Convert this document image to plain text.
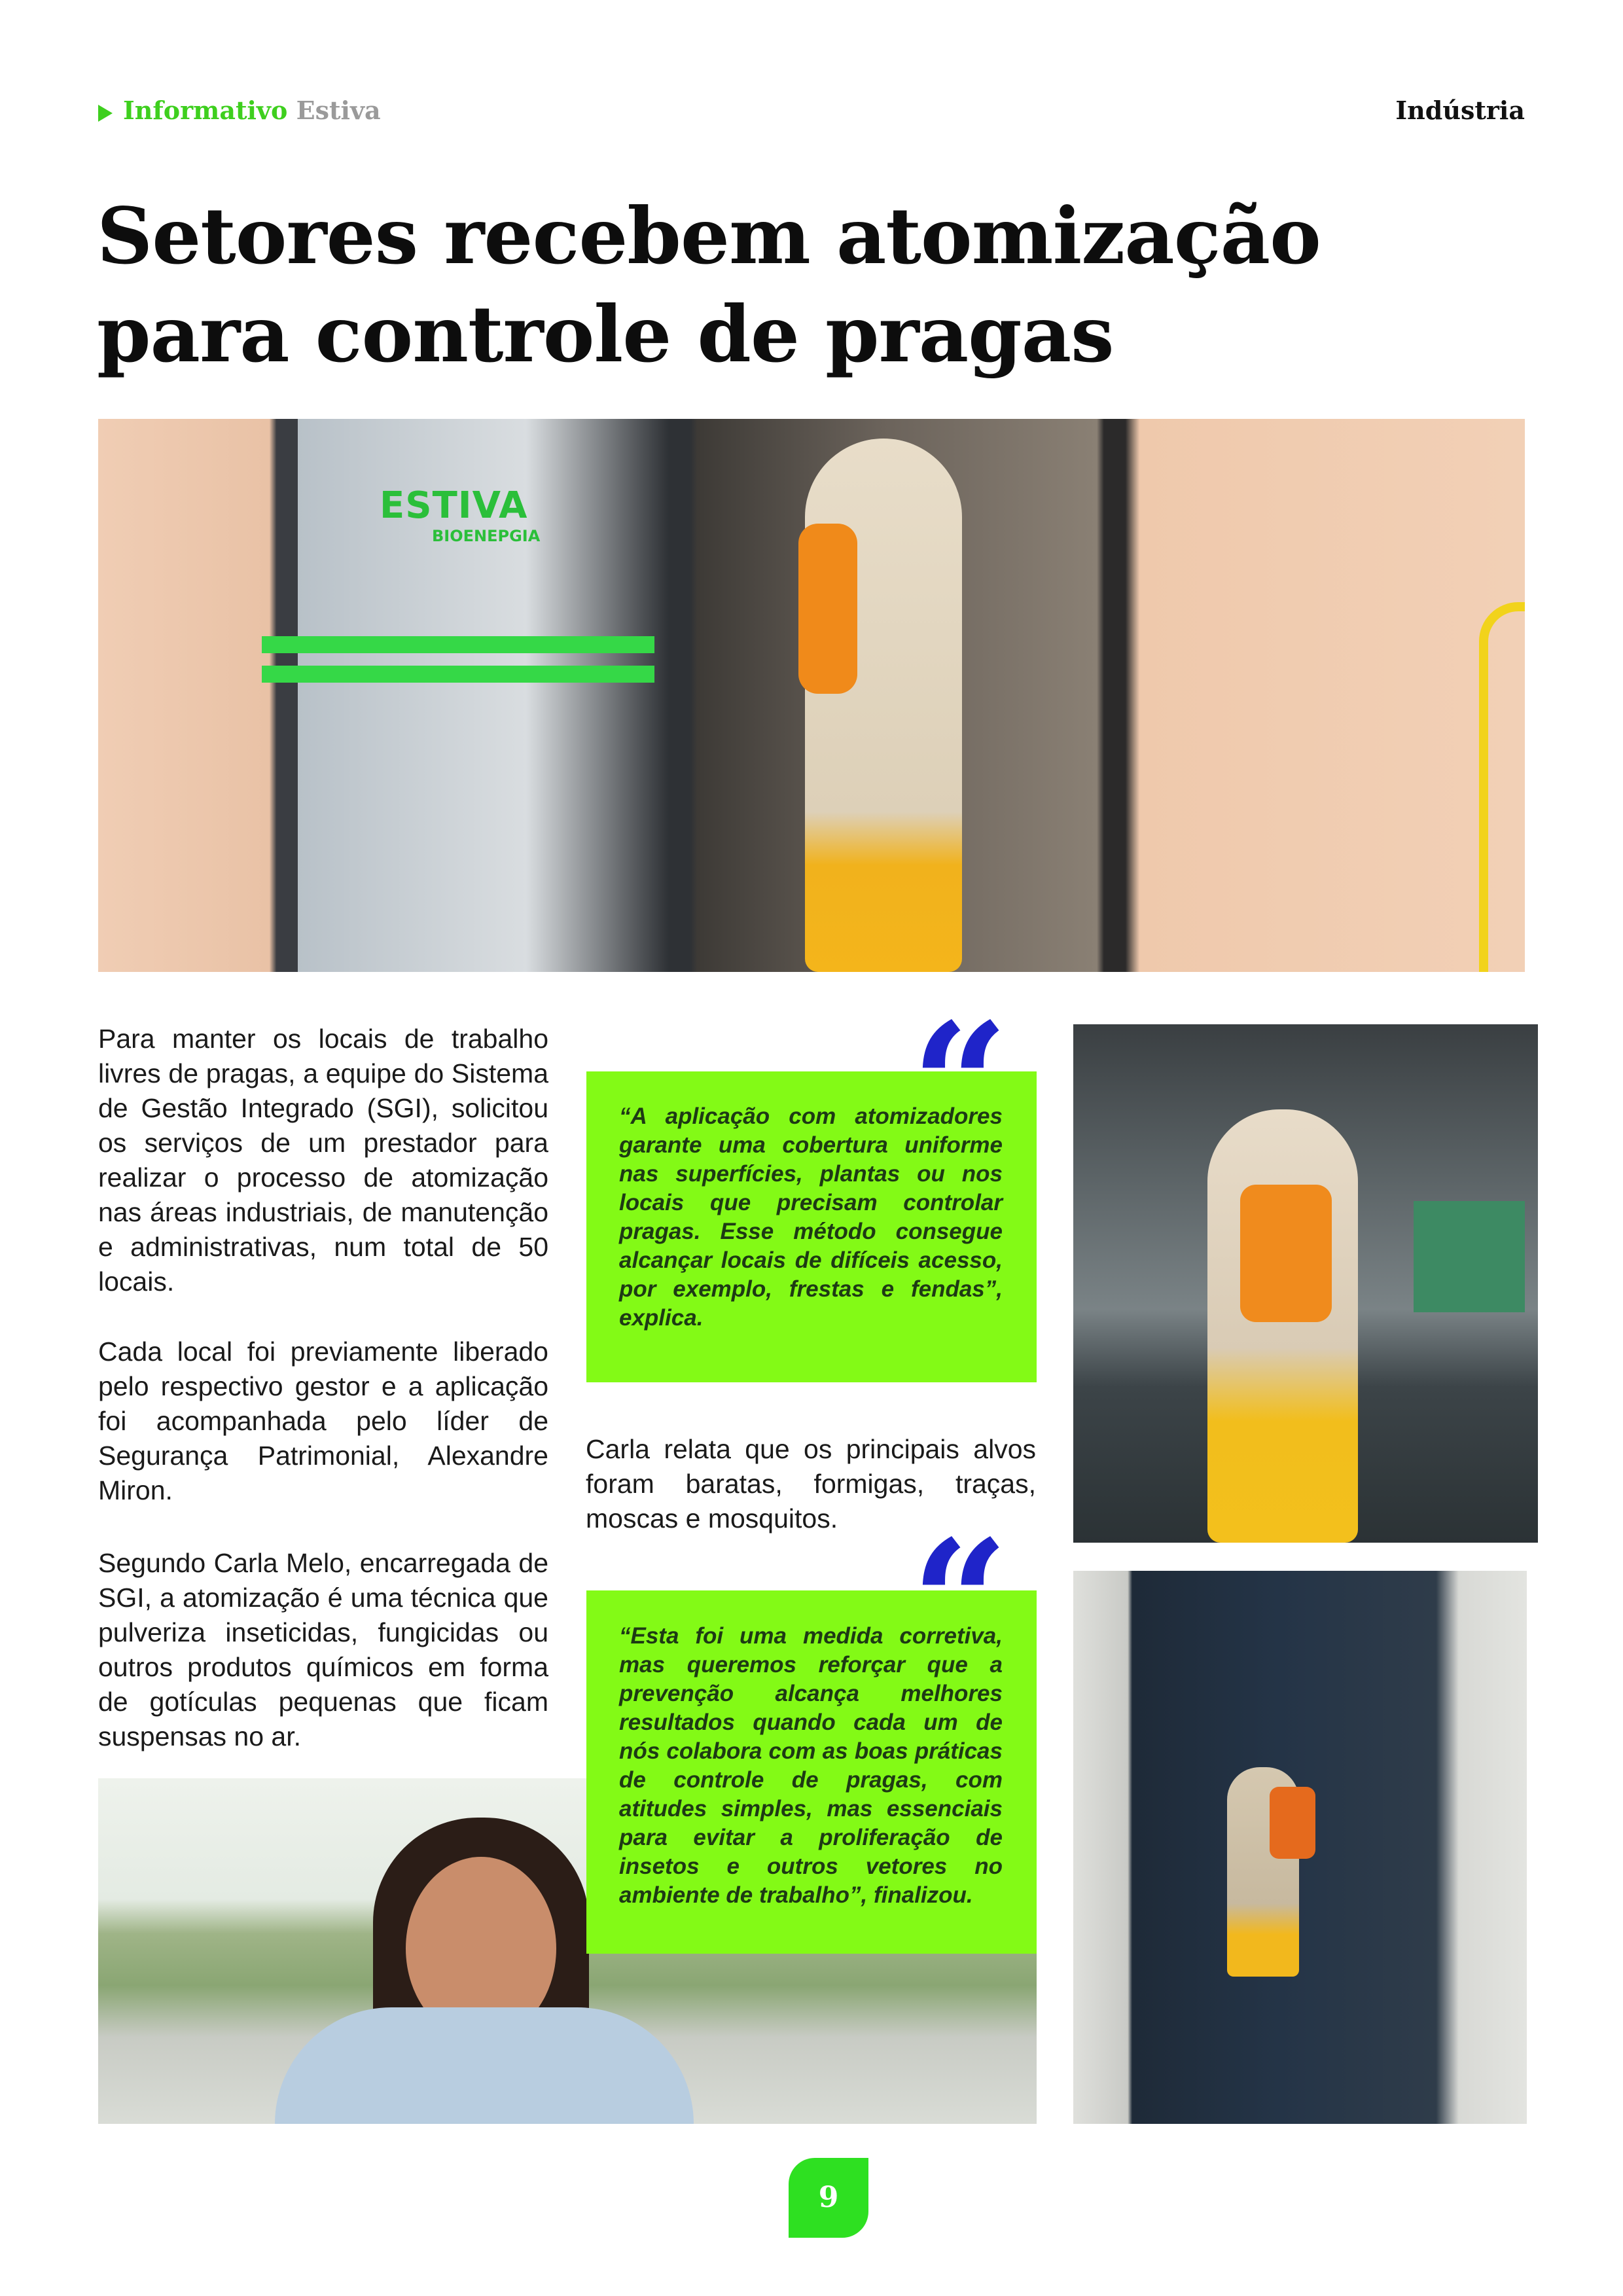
Informativo Estiva	Indústria
Setores recebem atomização para controle de pragas
ESTIVA
BIOENEPGIA

Para manter os locais de trabalho livres de pragas, a equipe do Sistema de Gestão Integrado (SGI), solicitou os serviços de um prestador para realizar o processo de atomização nas áreas industriais, de manutenção e administrativas, num total de 50 locais.

Cada local foi previamente liberado pelo respectivo gestor e a aplicação foi acompanhada pelo líder de Segurança Patrimonial, Alexandre Miron.

Segundo Carla Melo, encarregada de SGI, a atomização é uma técnica que pulveriza inseticidas, fungicidas ou outros produtos químicos em forma de gotículas pequenas que ficam suspensas no ar.

Carla relata que os principais alvos foram baratas, formigas, traças, moscas e mosquitos.

“

“A aplicação com atomizadores garante uma cobertura uniforme nas superfícies, plantas ou nos locais que precisam controlar pragas. Esse método consegue alcançar locais de difíceis acesso, por exemplo, frestas e fendas”, explica.

“

“Esta foi uma medida corretiva, mas queremos reforçar que a prevenção alcança melhores resultados quando cada um de nós colabora com as boas práticas de controle de pragas, com atitudes simples, mas essenciais para evitar a proliferação de insetos e outros vetores no ambiente de trabalho”, finalizou.

9
